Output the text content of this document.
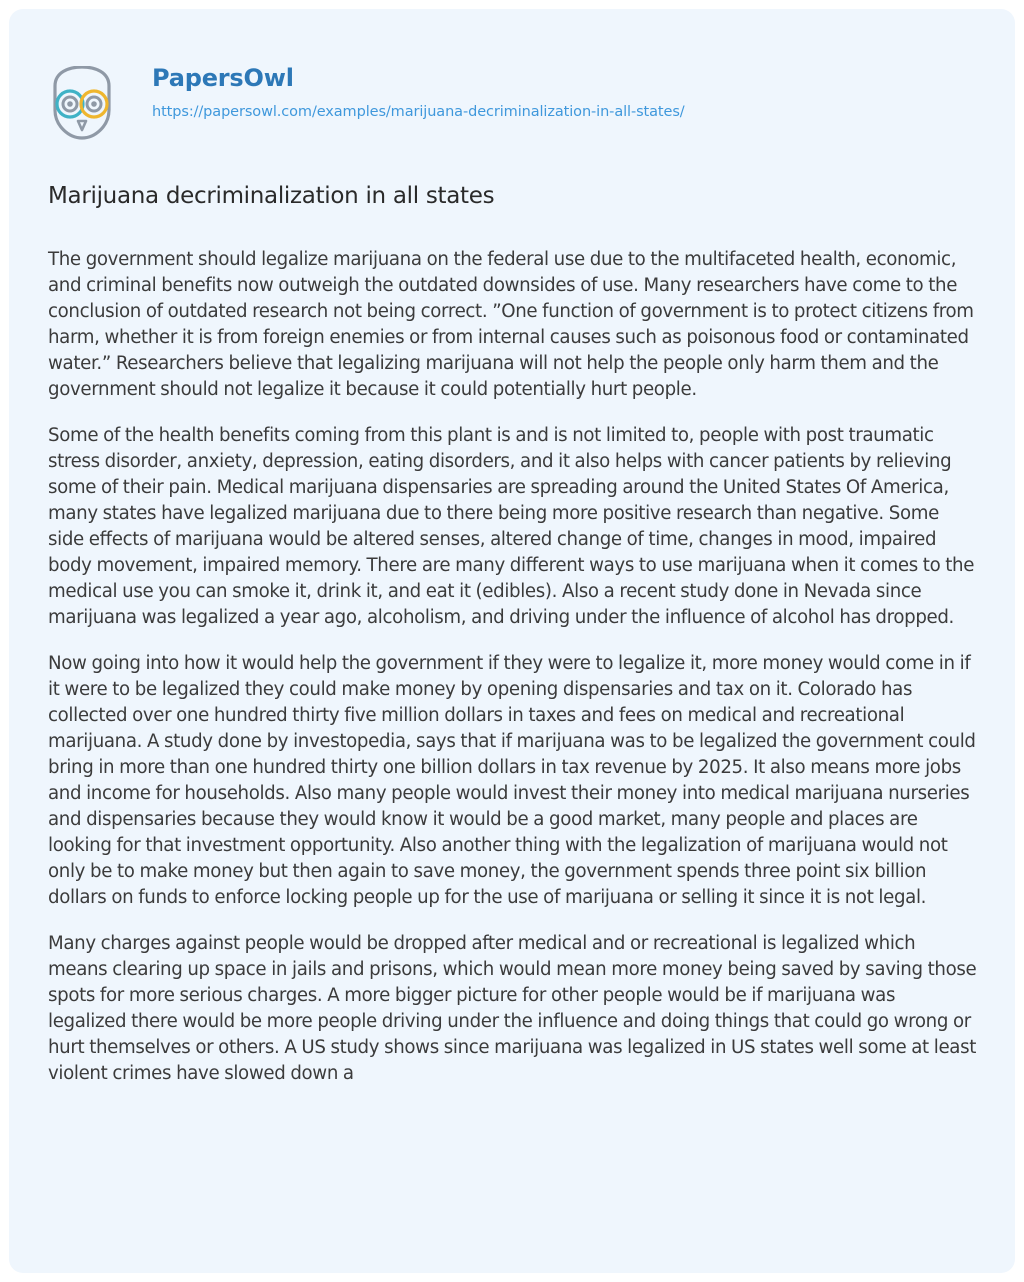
PapersOwl
https://papersowl.com/examples/marijuana-decriminalization-in-all-states/
Marijuana decriminalization in all states

The government should legalize marijuana on the federal use due to the multifaceted health, economic, and criminal benefits now outweigh the outdated downsides of use. Many researchers have come to the conclusion of outdated research not being correct. ”One function of government is to protect citizens from harm, whether it is from foreign enemies or from internal causes such as poisonous food or contaminated water.” Researchers believe that legalizing marijuana will not help the people only harm them and the government should not legalize it because it could potentially hurt people.

Some of the health benefits coming from this plant is and is not limited to, people with post traumatic stress disorder, anxiety, depression, eating disorders, and it also helps with cancer patients by relieving some of their pain. Medical marijuana dispensaries are spreading around the United States Of America, many states have legalized marijuana due to there being more positive research than negative. Some side effects of marijuana would be altered senses, altered change of time, changes in mood, impaired body movement, impaired memory. There are many different ways to use marijuana when it comes to the medical use you can smoke it, drink it, and eat it (edibles). Also a recent study done in Nevada since marijuana was legalized a year ago, alcoholism, and driving under the influence of alcohol has dropped.

Now going into how it would help the government if they were to legalize it, more money would come in if it were to be legalized they could make money by opening dispensaries and tax on it. Colorado has collected over one hundred thirty five million dollars in taxes and fees on medical and recreational marijuana. A study done by investopedia, says that if marijuana was to be legalized the government could bring in more than one hundred thirty one billion dollars in tax revenue by 2025. It also means more jobs and income for households. Also many people would invest their money into medical marijuana nurseries and dispensaries because they would know it would be a good market, many people and places are looking for that investment opportunity. Also another thing with the legalization of marijuana would not only be to make money but then again to save money, the government spends three point six billion dollars on funds to enforce locking people up for the use of marijuana or selling it since it is not legal.

Many charges against people would be dropped after medical and or recreational is legalized which means clearing up space in jails and prisons, which would mean more money being saved by saving those spots for more serious charges. A more bigger picture for other people would be if marijuana was legalized there would be more people driving under the influence and doing things that could go wrong or hurt themselves or others. A US study shows since marijuana was legalized in US states well some at least violent crimes have slowed down a
